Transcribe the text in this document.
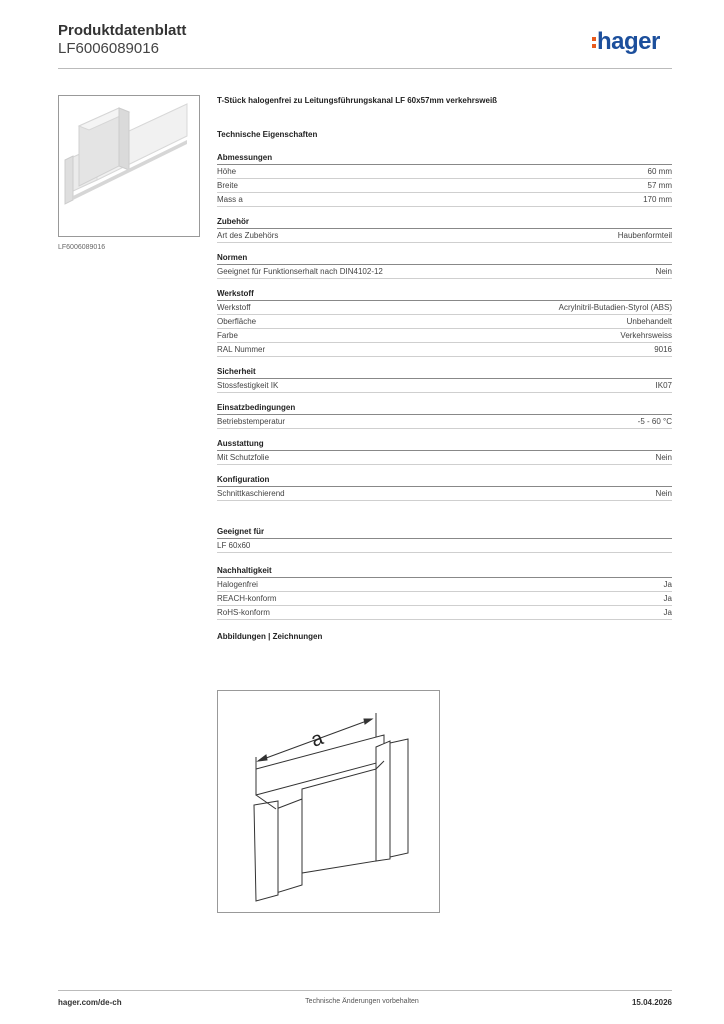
Produktdatenblatt
LF6006089016	hager
LF6006089016
T-Stück halogenfrei zu Leitungsführungskanal LF 60x57mm verkehrsweiß
Technische Eigenschaften
Abmessungen
Höhe	60 mm
Breite	57 mm
Mass a	170 mm
Zubehör
Art des Zubehörs	Haubenformteil
Normen
Geeignet für Funktionserhalt nach DIN4102-12	Nein
Werkstoff
Werkstoff	Acrylnitril-Butadien-Styrol (ABS)
Oberfläche	Unbehandelt
Farbe	Verkehrsweiss
RAL Nummer	9016
Sicherheit
Stossfestigkeit IK	IK07
Einsatzbedingungen
Betriebstemperatur	-5 - 60 °C
Ausstattung
Mit Schutzfolie	Nein
Konfiguration
Schnittkaschierend	Nein
Geeignet für
LF 60x60
Nachhaltigkeit
Halogenfrei	Ja
REACH-konform	Ja
RoHS-konform	Ja
Abbildungen | Zeichnungen
a
hager.com/de-ch	Technische Änderungen vorbehalten	15.04.2026
